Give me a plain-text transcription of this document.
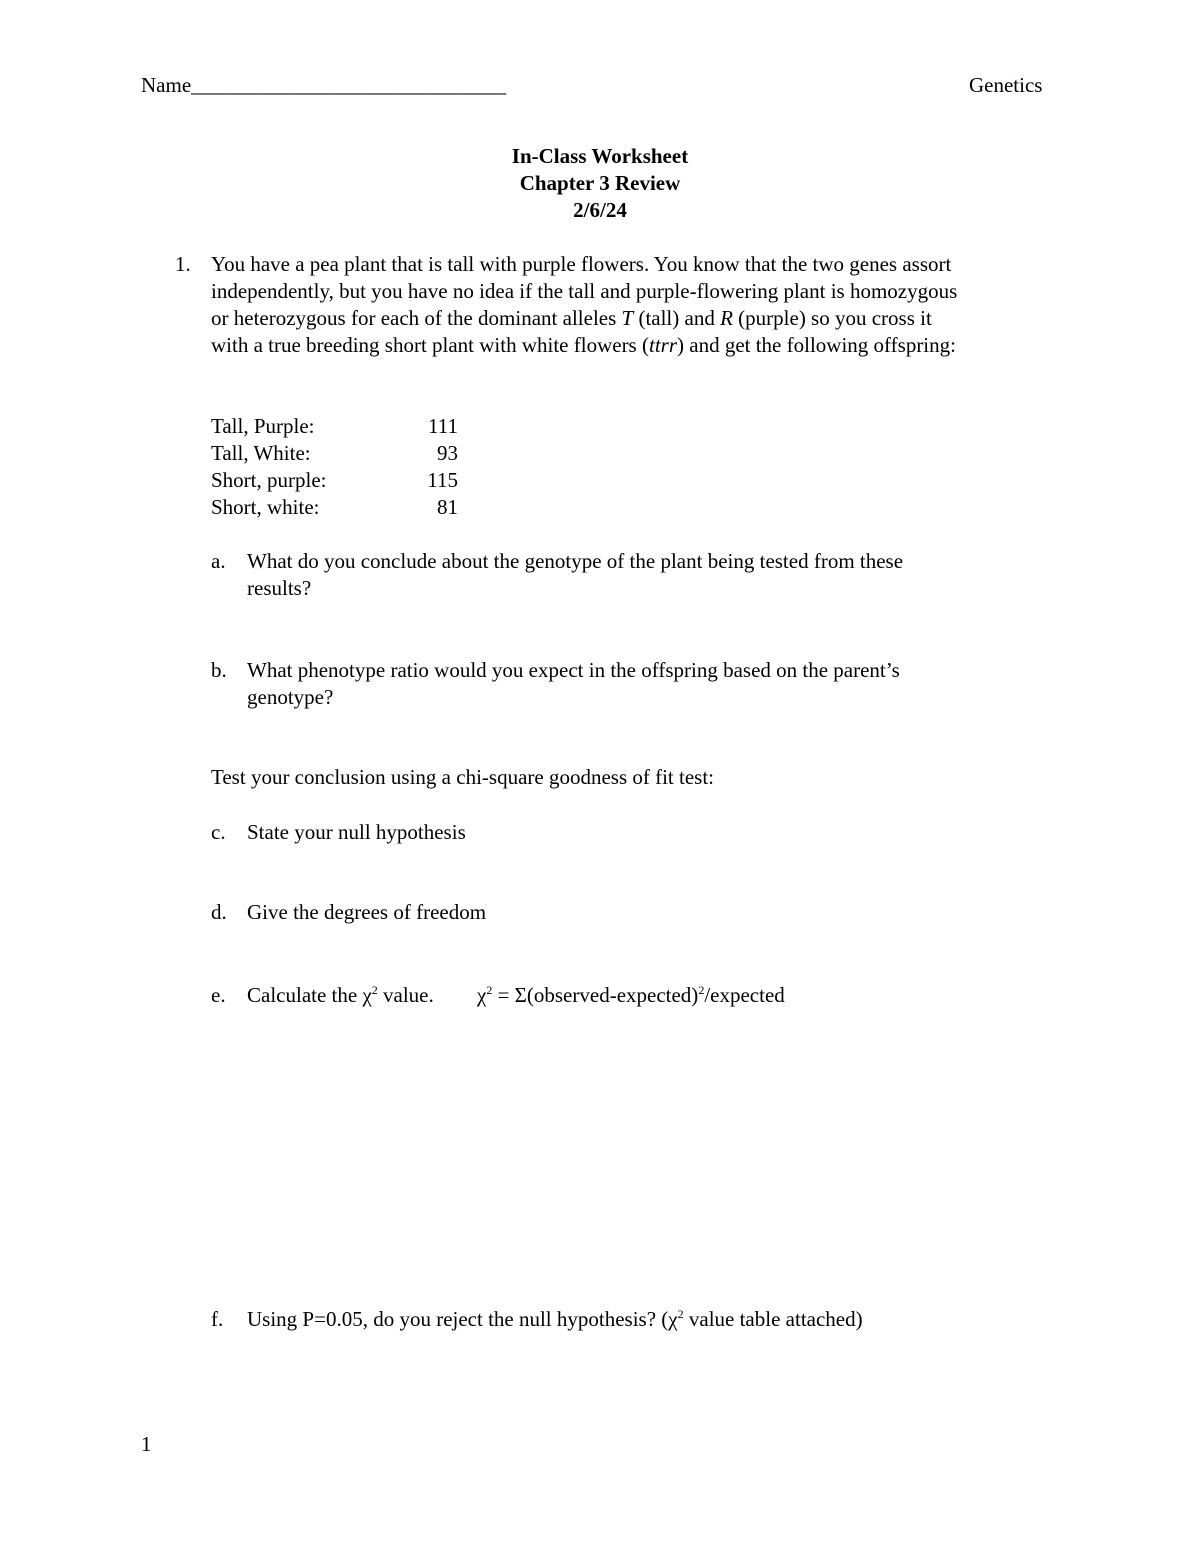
Name______________________________	Genetics
In-Class Worksheet
Chapter 3 Review
2/6/24
1. You have a pea plant that is tall with purple flowers. You know that the two genes assort
independently, but you have no idea if the tall and purple-flowering plant is homozygous
or heterozygous for each of the dominant alleles T (tall) and R (purple) so you cross it
with a true breeding short plant with white flowers (ttrr) and get the following offspring:
Tall, Purple:	111
Tall, White:	93
Short, purple:	115
Short, white:	81
a. What do you conclude about the genotype of the plant being tested from these
results?
b. What phenotype ratio would you expect in the offspring based on the parent’s
genotype?
Test your conclusion using a chi-square goodness of fit test:
c. State your null hypothesis
d. Give the degrees of freedom
e. Calculate the $\chi^2$ value. $\chi^2$ = Σ(observed-expected)$^2$/expected
f. Using P=0.05, do you reject the null hypothesis? ($\chi^2$ value table attached)
1
